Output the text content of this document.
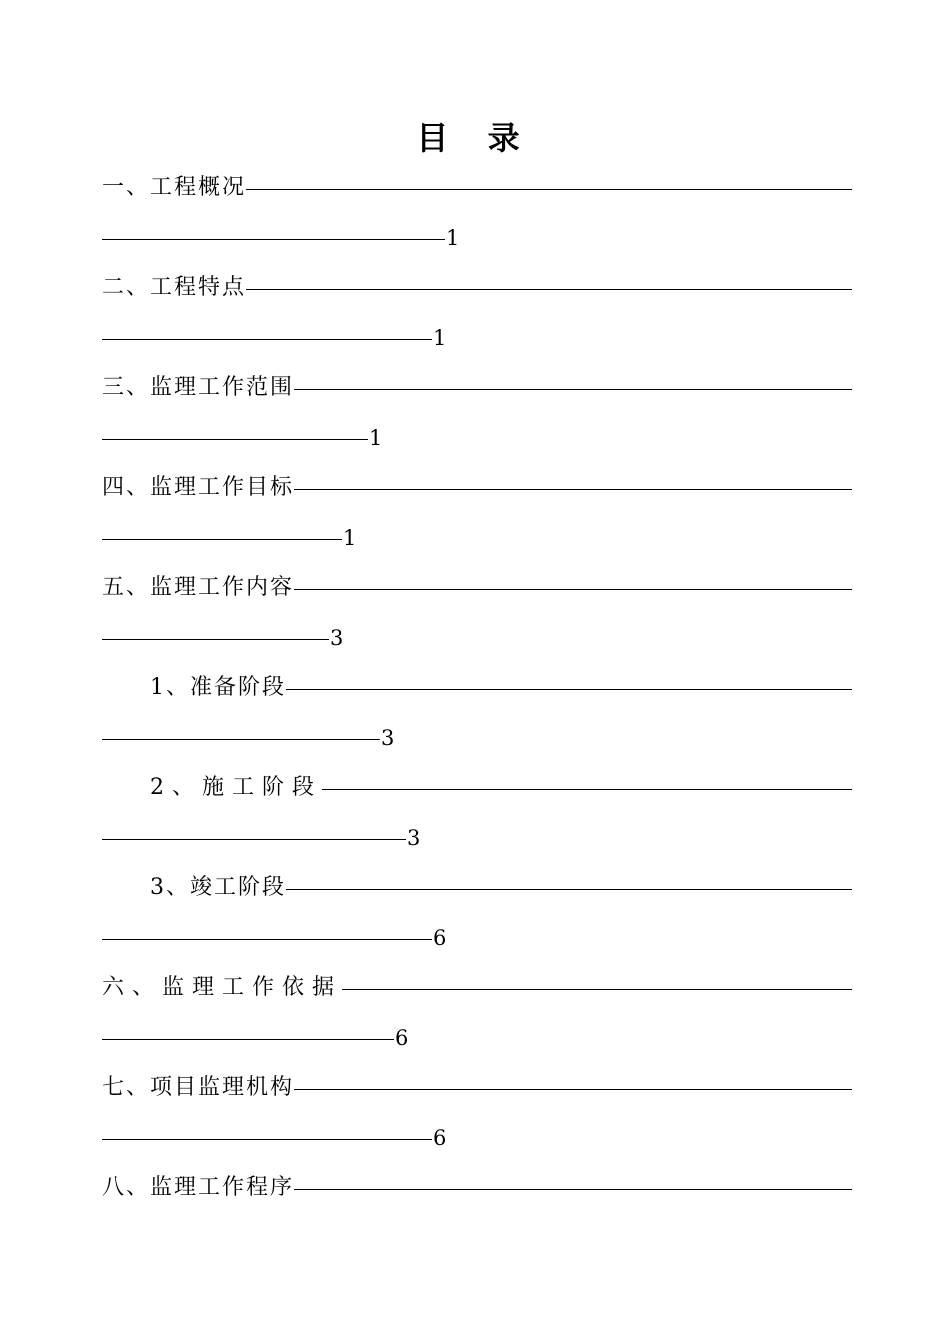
目 录
一、工程概况
1
二、工程特点
1
三、监理工作范围
1
四、监理工作目标
1
五、监理工作内容
3
1、准备阶段
3
2、施工阶段
3
3、竣工阶段
6
六、监理工作依据
6
七、项目监理机构
6
八、监理工作程序
